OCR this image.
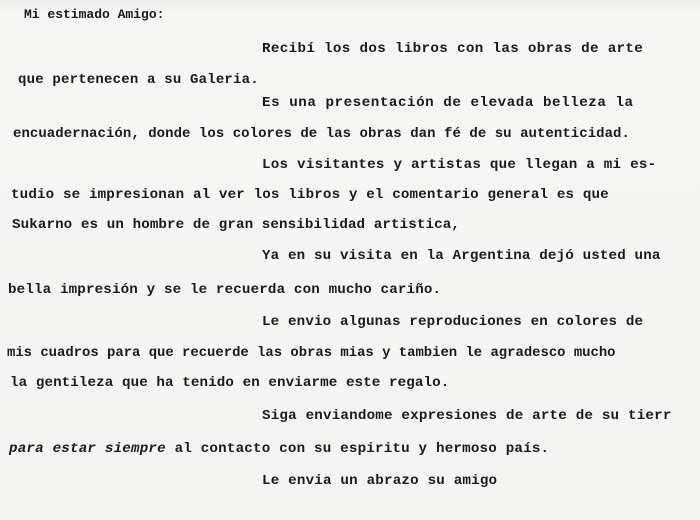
Mi estimado Amigo:
Recibí los dos libros con las obras de arte
que pertenecen a su Galeria.
Es una presentación de elevada belleza la
encuadernación, donde los colores de las obras dan fé de su autenticidad.
Los visitantes y artistas que llegan a mi es-
tudio se impresionan al ver los libros y el comentario general es que
Sukarno es un hombre de gran sensibilidad artistica,
Ya en su visita en la Argentina dejó usted una
bella impresión y se le recuerda con mucho cariño.
Le envio algunas reproduciones en colores de
mis cuadros para que recuerde las obras mias y tambien le agradesco mucho
la gentileza que ha tenido en enviarme este regalo.
Siga enviandome expresiones de arte de su tierr
para estar siempre al contacto con su espiritu y hermoso país.
Le envia un abrazo su amigo
